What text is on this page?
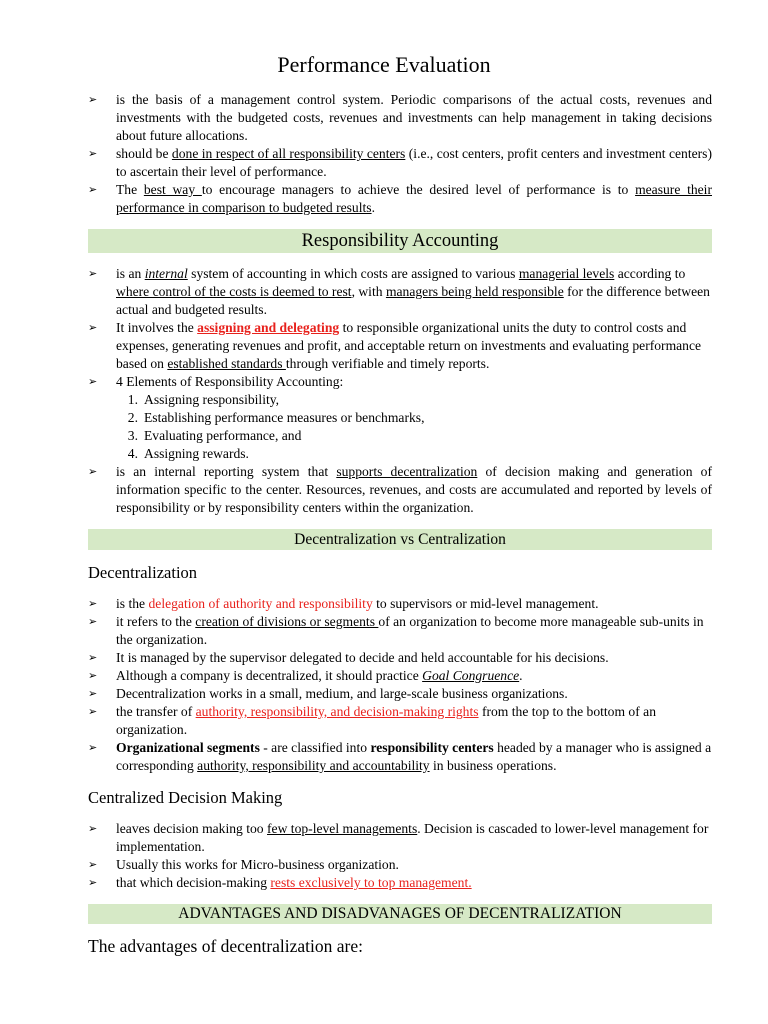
Performance Evaluation
➢	is the basis of a management control system. Periodic comparisons of the actual costs, revenues and investments with the budgeted costs, revenues and investments can help management in taking decisions about future allocations.
➢	should be done in respect of all responsibility centers (i.e., cost centers, profit centers and investment centers) to ascertain their level of performance.
➢	The best way to encourage managers to achieve the desired level of performance is to measure their performance in comparison to budgeted results.
Responsibility Accounting
➢	is an internal system of accounting in which costs are assigned to various managerial levels according to where control of the costs is deemed to rest, with managers being held responsible for the difference between actual and budgeted results.
➢	It involves the assigning and delegating to responsible organizational units the duty to control costs and expenses, generating revenues and profit, and acceptable return on investments and evaluating performance based on established standards through verifiable and timely reports.
➢	4 Elements of Responsibility Accounting:
1. Assigning responsibility,
2. Establishing performance measures or benchmarks,
3. Evaluating performance, and
4. Assigning rewards.
➢	is an internal reporting system that supports decentralization of decision making and generation of information specific to the center. Resources, revenues, and costs are accumulated and reported by levels of responsibility or by responsibility centers within the organization.
Decentralization vs Centralization
Decentralization
➢	is the delegation of authority and responsibility to supervisors or mid-level management.
➢	it refers to the creation of divisions or segments of an organization to become more manageable sub-units in the organization.
➢	It is managed by the supervisor delegated to decide and held accountable for his decisions.
➢	Although a company is decentralized, it should practice Goal Congruence.
➢	Decentralization works in a small, medium, and large-scale business organizations.
➢	the transfer of authority, responsibility, and decision-making rights from the top to the bottom of an organization.
➢	Organizational segments - are classified into responsibility centers headed by a manager who is assigned a corresponding authority, responsibility and accountability in business operations.
Centralized Decision Making
➢	leaves decision making too few top-level managements. Decision is cascaded to lower-level management for implementation.
➢	Usually this works for Micro-business organization.
➢	that which decision-making rests exclusively to top management.
ADVANTAGES AND DISADVANAGES OF DECENTRALIZATION
The advantages of decentralization are:
